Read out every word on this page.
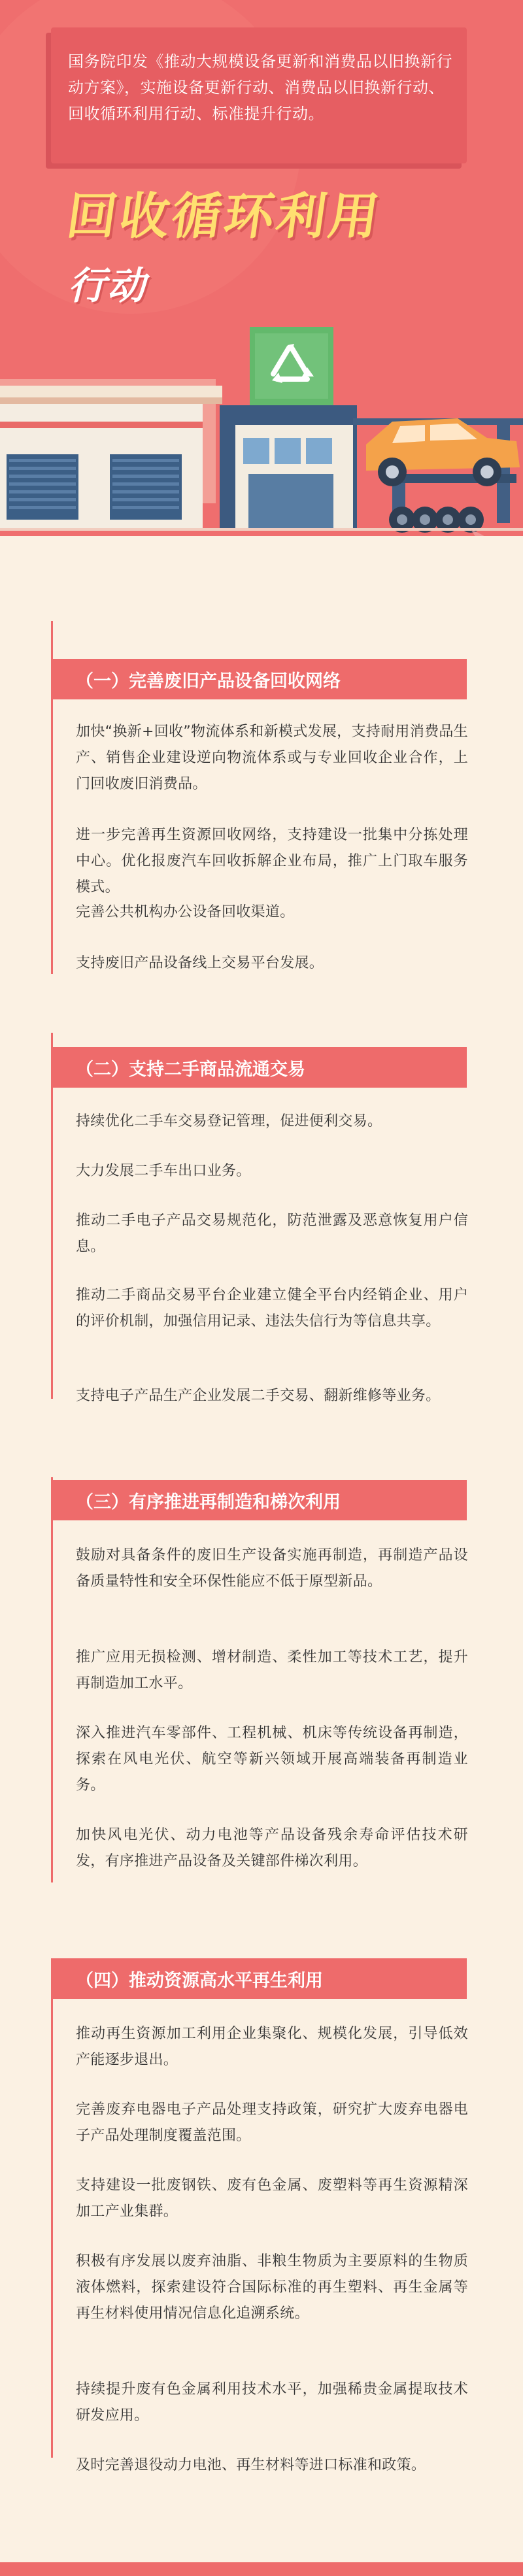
国务院印发《推动大规模设备更新和消费品以旧换新行动方案》，实施设备更新行动、消费品以旧换新行动、回收循环利用行动、标准提升行动。
回收循环利用
行动
（一）完善废旧产品设备回收网络
加快“换新+回收”物流体系和新模式发展，支持耐用消费品生产、销售企业建设逆向物流体系或与专业回收企业合作，上门回收废旧消费品。
进一步完善再生资源回收网络，支持建设一批集中分拣处理中心。优化报废汽车回收拆解企业布局，推广上门取车服务模式。
完善公共机构办公设备回收渠道。
支持废旧产品设备线上交易平台发展。
（二）支持二手商品流通交易
持续优化二手车交易登记管理，促进便利交易。
大力发展二手车出口业务。
推动二手电子产品交易规范化，防范泄露及恶意恢复用户信息。
推动二手商品交易平台企业建立健全平台内经销企业、用户的评价机制，加强信用记录、违法失信行为等信息共享。
支持电子产品生产企业发展二手交易、翻新维修等业务。
（三）有序推进再制造和梯次利用
鼓励对具备条件的废旧生产设备实施再制造，再制造产品设备质量特性和安全环保性能应不低于原型新品。
推广应用无损检测、增材制造、柔性加工等技术工艺，提升再制造加工水平。
深入推进汽车零部件、工程机械、机床等传统设备再制造，探索在风电光伏、航空等新兴领域开展高端装备再制造业务。
加快风电光伏、动力电池等产品设备残余寿命评估技术研发，有序推进产品设备及关键部件梯次利用。
（四）推动资源高水平再生利用
推动再生资源加工利用企业集聚化、规模化发展，引导低效产能逐步退出。
完善废弃电器电子产品处理支持政策，研究扩大废弃电器电子产品处理制度覆盖范围。
支持建设一批废钢铁、废有色金属、废塑料等再生资源精深加工产业集群。
积极有序发展以废弃油脂、非粮生物质为主要原料的生物质液体燃料，探索建设符合国际标准的再生塑料、再生金属等再生材料使用情况信息化追溯系统。
持续提升废有色金属利用技术水平，加强稀贵金属提取技术研发应用。
及时完善退役动力电池、再生材料等进口标准和政策。
